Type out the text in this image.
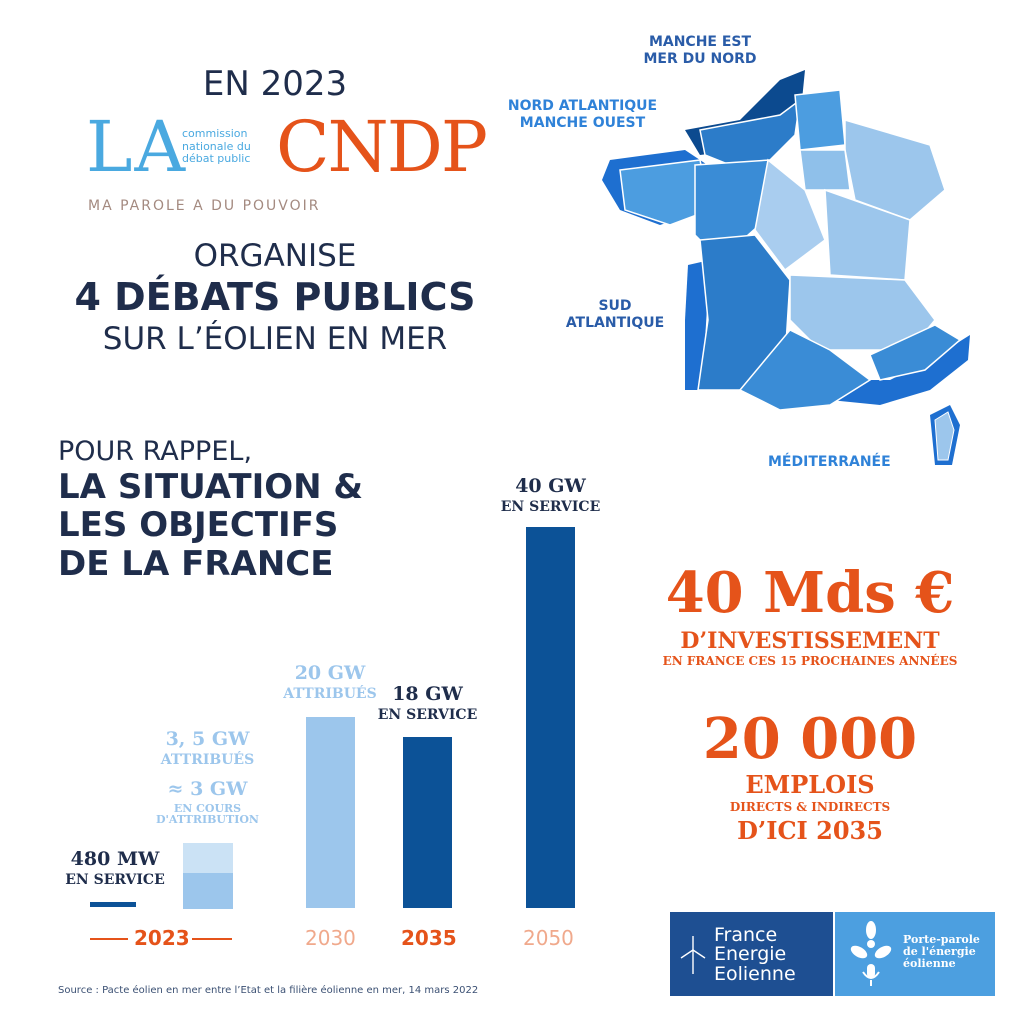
EN 2023
LA
commission nationale du débat public CNDP
MA PAROLE A DU POUVOIR
ORGANISE
4 DÉBATS PUBLICS
SUR L’ÉOLIEN EN MER
MANCHE EST
MER DU NORD
NORD ATLANTIQUE
MANCHE OUEST
SUD
ATLANTIQUE
MÉDITERRANÉE
POUR RAPPEL,
LA SITUATION &
LES OBJECTIFS
DE LA FRANCE
3, 5 GW
ATTRIBUÉS
≈ 3 GW
EN COURS
D'ATTRIBUTION
480 MW
EN SERVICE
20 GW
ATTRIBUÉS 18 GW
EN SERVICE
40 GW
EN SERVICE
2023	2030 2035	2050
40 Mds €
D’INVESTISSEMENT
EN FRANCE CES 15 PROCHAINES ANNÉES
20 000
EMPLOIS
DIRECTS & INDIRECTS
D’ICI 2035
Source : Pacte éolien en mer entre l’Etat et la filière éolienne en mer, 14 mars 2022
France
Energie
Eolienne
Porte-parole
de l'énergie
éolienne
